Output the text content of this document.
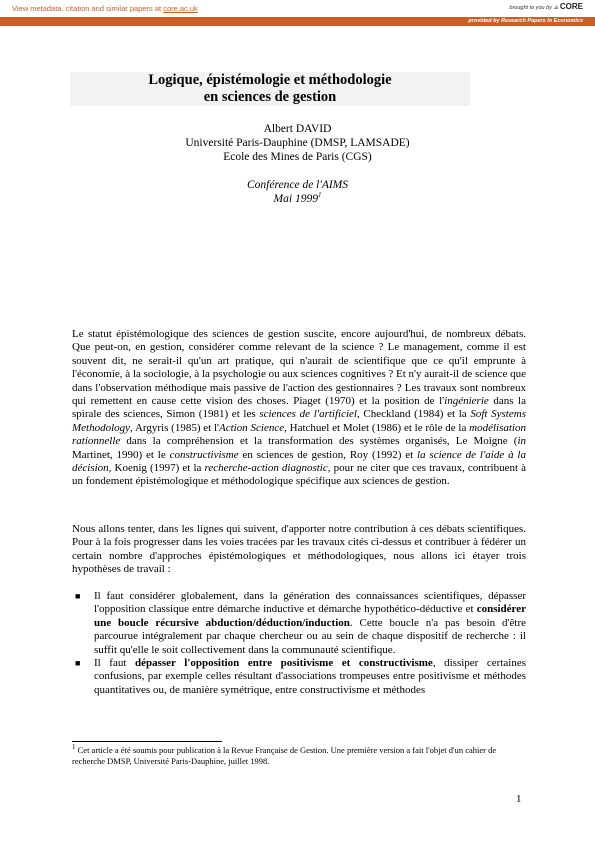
View metadata, citation and similar papers at core.ac.uk	brought to you by ⟁ CORE
provided by Research Papers in Economics

Logique, épistémologie et méthodologie

en sciences de gestion

Albert DAVID
Université Paris-Dauphine (DMSP, LAMSADE)
Ecole des Mines de Paris (CGS)
Conférence de l'AIMS
Mai 1999$^1$
Le statut épistémologique des sciences de gestion suscite, encore aujourd'hui, de nombreux débats. Que peut-on, en gestion, considérer comme relevant de la science ? Le management, comme il est souvent dit, ne serait-il qu'un art pratique, qui n'aurait de scientifique que ce qu'il emprunte à l'économie, à la sociologie, à la psychologie ou aux sciences cognitives ? Et n'y aurait-il de science que dans l'observation méthodique mais passive de l'action des gestionnaires ? Les travaux sont nombreux qui remettent en cause cette vision des choses. Piaget (1970) et la position de l'ingénierie dans la spirale des sciences, Simon (1981) et les sciences de l'artificiel, Checkland (1984) et la Soft Systems Methodology, Argyris (1985) et l'Action Science, Hatchuel et Molet (1986) et le rôle de la modélisation rationnelle dans la compréhension et la transformation des systèmes organisés, Le Moigne (in Martinet, 1990) et le constructivisme en sciences de gestion, Roy (1992) et la science de l'aide à la décision, Koenig (1997) et la recherche-action diagnostic, pour ne citer que ces travaux, contribuent à un fondement épistémologique et méthodologique spécifique aux sciences de gestion.
Nous allons tenter, dans les lignes qui suivent, d'apporter notre contribution à ces débats scientifiques. Pour à la fois progresser dans les voies tracées par les travaux cités ci-dessus et contribuer à fédérer un certain nombre d'approches épistémologiques et méthodologiques, nous allons ici étayer trois hypothèses de travail :
■ Il faut considérer globalement, dans la génération des connaissances scientifiques, dépasser l'opposition classique entre démarche inductive et démarche hypothético-déductive et considérer une boucle récursive abduction/déduction/induction. Cette boucle n'a pas besoin d'être parcourue intégralement par chaque chercheur ou au sein de chaque dispositif de recherche : il suffit qu'elle le soit collectivement dans la communauté scientifique.
■ Il faut dépasser l'opposition entre positivisme et constructivisme, dissiper certaines confusions, par exemple celles résultant d'associations trompeuses entre positivisme et méthodes quantitatives ou, de manière symétrique, entre constructivisme et méthodes
$^1$ Cet article a été soumis pour publication à la Revue Française de Gestion. Une première version a fait l'objet d'un cahier de recherche DMSP, Université Paris-Dauphine, juillet 1998.
1
